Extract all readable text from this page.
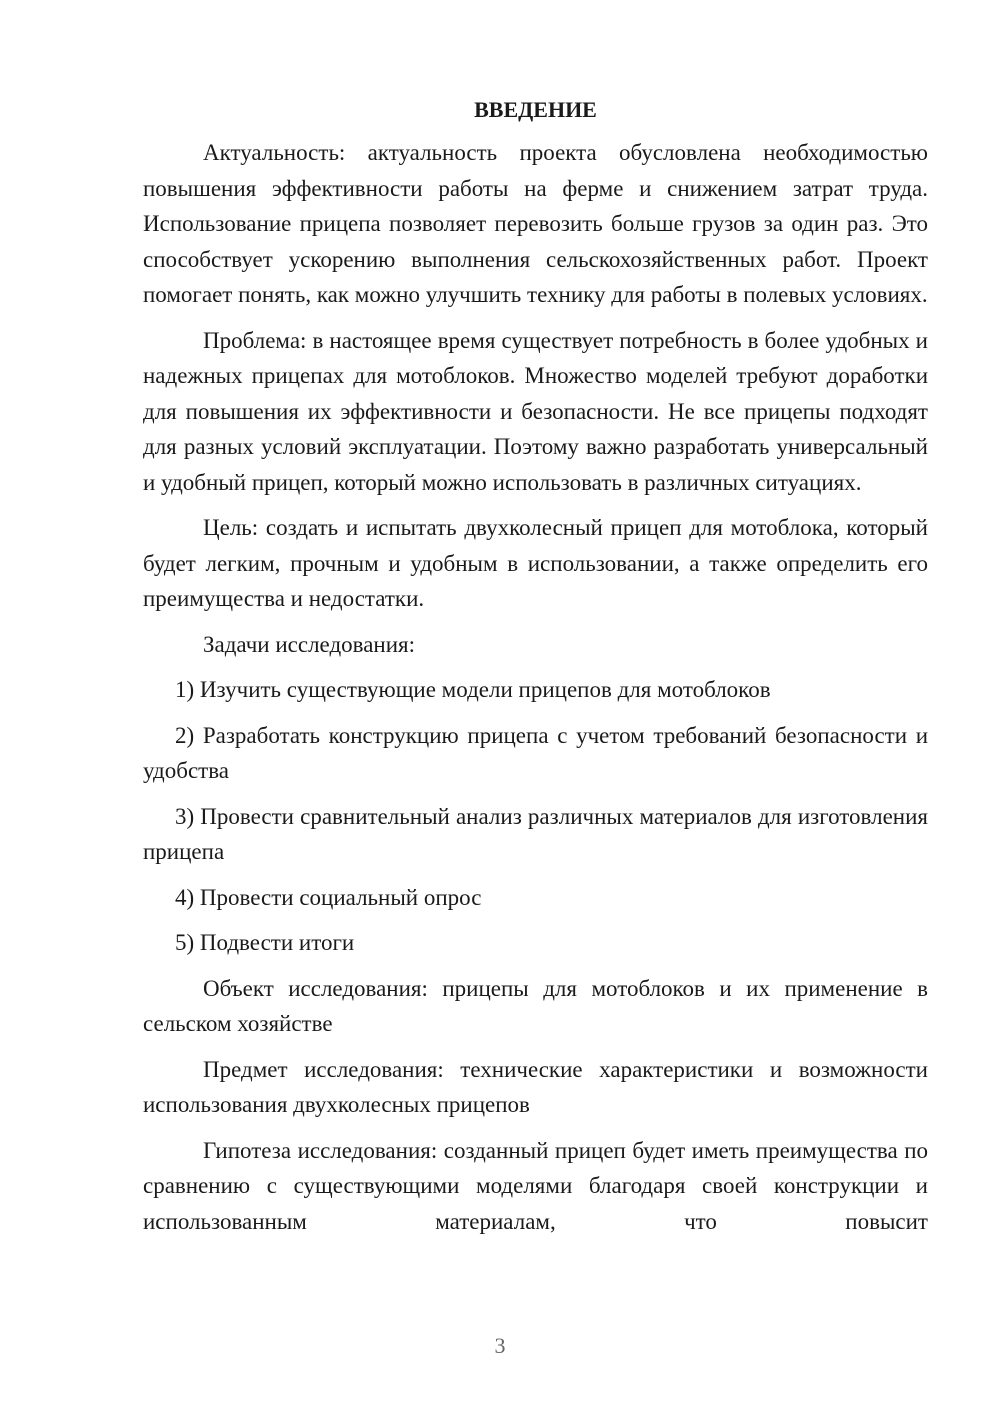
ВВЕДЕНИЕ

Актуальность: актуальность проекта обусловлена необходимостью повышения эффективности работы на ферме и снижением затрат труда. Использование прицепа позволяет перевозить больше грузов за один раз. Это способствует ускорению выполнения сельскохозяйственных работ. Проект помогает понять, как можно улучшить технику для работы в полевых условиях.

Проблема: в настоящее время существует потребность в более удобных и надежных прицепах для мотоблоков. Множество моделей требуют доработки для повышения их эффективности и безопасности. Не все прицепы подходят для разных условий эксплуатации. Поэтому важно разработать универсальный и удобный прицеп, который можно использовать в различных ситуациях.

Цель: создать и испытать двухколесный прицеп для мотоблока, который будет легким, прочным и удобным в использовании, а также определить его преимущества и недостатки.

Задачи исследования:

1) Изучить существующие модели прицепов для мотоблоков

2) Разработать конструкцию прицепа с учетом требований безопасности и удобства

3) Провести сравнительный анализ различных материалов для изготовления прицепа

4) Провести социальный опрос

5) Подвести итоги

Объект исследования: прицепы для мотоблоков и их применение в сельском хозяйстве

Предмет исследования: технические характеристики и возможности использования двухколесных прицепов

Гипотеза исследования: созданный прицеп будет иметь преимущества по сравнению с существующими моделями благодаря своей конструкции и использованным материалам, что повысит

3
